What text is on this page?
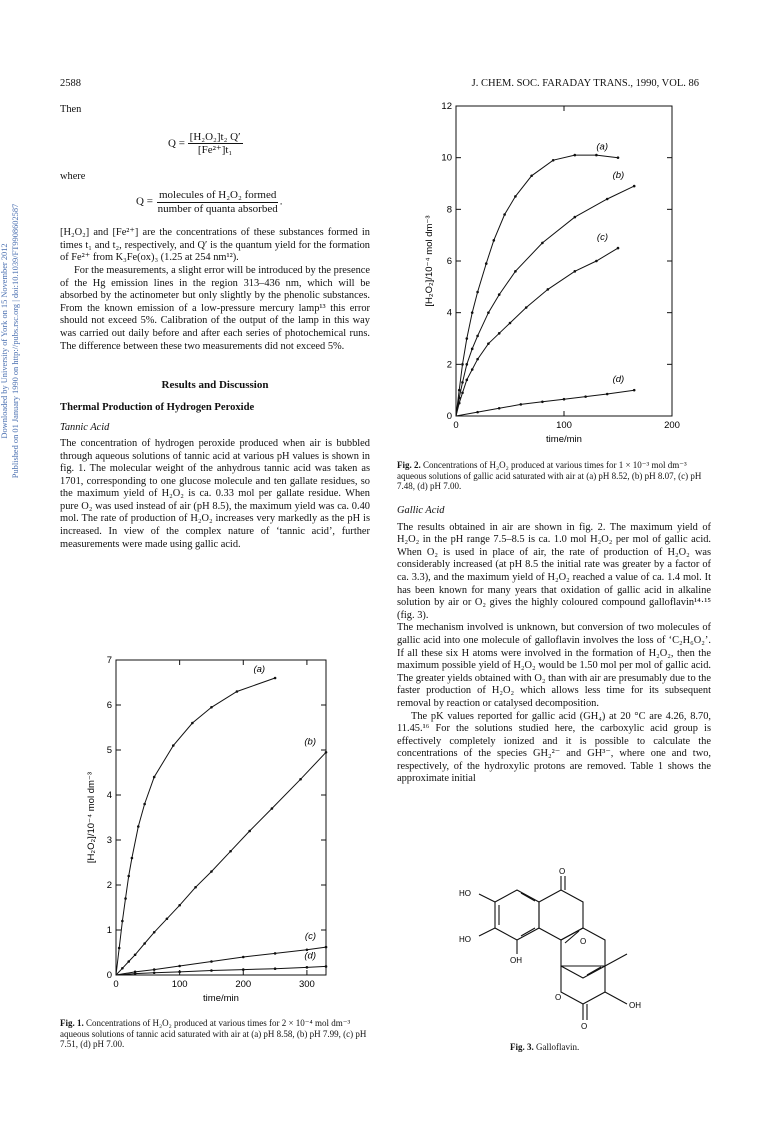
2588	J. CHEM. SOC. FARADAY TRANS., 1990, VOL. 86
Downloaded by University of York on 15 November 2012 Published on 01 January 1990 on http://pubs.rsc.org | doi:10.1039/FT9908602587

Then

$Q = \frac{\text{[H₂O₂]t₂ Q′}}{\text{[Fe²⁺]t₁}}$

where

$Q = \frac{\text{molecules of H₂O₂ formed}}{\text{number of quanta absorbed}}$ .

[H₂O₂] and [Fe²⁺] are the concentrations of these substances formed in times t₁ and t₂, respectively, and Q′ is the quantum yield for the formation of Fe²⁺ from K₃Fe(ox)₃ (1.25 at 254 nm¹²).

For the measurements, a slight error will be introduced by the presence of the Hg emission lines in the region 313–436 nm, which will be absorbed by the actinometer but only slightly by the phenolic substances. From the known emission of a low-pressure mercury lamp¹³ this error should not exceed 5%. Calibration of the output of the lamp in this way was carried out daily before and after each series of photochemical runs. The difference between these two measurements did not exceed 5%.

Results and Discussion
Thermal Production of Hydrogen Peroxide
Tannic Acid

The concentration of hydrogen peroxide produced when air is bubbled through aqueous solutions of tannic acid at various pH values is shown in fig. 1. The molecular weight of the anhydrous tannic acid was taken as 1701, corresponding to one glucose molecule and ten gallate residues, so the maximum yield of H₂O₂ is ca. 0.33 mol per gallate residue. When pure O₂ was used instead of air (pH 8.5), the maximum yield was ca. 0.40 mol. The rate of production of H₂O₂ increases very markedly as the pH is increased. In view of the complex nature of ‘tannic acid’, further measurements were made using gallic acid.

0	100	200	300
0
1
2
3
4
5
6
7
time/min
[H₂O₂]/10⁻⁴ mol dm⁻³
(a)
(b)
(c)
(d)
Fig. 1. Concentrations of H₂O₂ produced at various times for 2 × 10⁻⁴ mol dm⁻³ aqueous solutions of tannic acid saturated with air at (a) pH 8.58, (b) pH 7.99, (c) pH 7.51, (d) pH 7.00.
0	100	200
0
2
4
6
8
10
12
time/min
[H₂O₂]/10⁻⁴ mol dm⁻³
(a)
(b)
(c)
(d)
Fig. 2. Concentrations of H₂O₂ produced at various times for 1 × 10⁻³ mol dm⁻³ aqueous solutions of gallic acid saturated with air at (a) pH 8.52, (b) pH 8.07, (c) pH 7.48, (d) pH 7.00.
Gallic Acid

The results obtained in air are shown in fig. 2. The maximum yield of H₂O₂ in the pH range 7.5–8.5 is ca. 1.0 mol H₂O₂ per mol of gallic acid. When O₂ is used in place of air, the rate of production of H₂O₂ was considerably increased (at pH 8.5 the initial rate was greater by a factor of ca. 3.3), and the maximum yield of H₂O₂ reached a value of ca. 1.4 mol. It has been known for many years that oxidation of gallic acid in alkaline solution by air or O₂ gives the highly coloured compound galloflavin¹⁴·¹⁵ (fig. 3).

The mechanism involved is unknown, but conversion of two molecules of gallic acid into one molecule of galloflavin involves the loss of ‘C₂H₆O₂’. If all these six H atoms were involved in the formation of H₂O₂, then the maximum possible yield of H₂O₂ would be 1.50 mol per mol of gallic acid. The greater yields obtained with O₂ than with air are presumably due to the faster production of H₂O₂ which allows less time for its subsequent removal by reaction or catalysed decomposition.

The pK values reported for gallic acid (GH₄) at 20 °C are 4.26, 8.70, 11.45.¹⁶ For the solutions studied here, the carboxylic acid group is effectively completely ionized and it is possible to calculate the concentrations of the species GH₂²⁻ and GH³⁻, where one and two, respectively, of the hydroxylic protons are removed. Table 1 shows the approximate initial

HO
HO
OH
OH
O
O
O
O
Fig. 3. Galloflavin.
